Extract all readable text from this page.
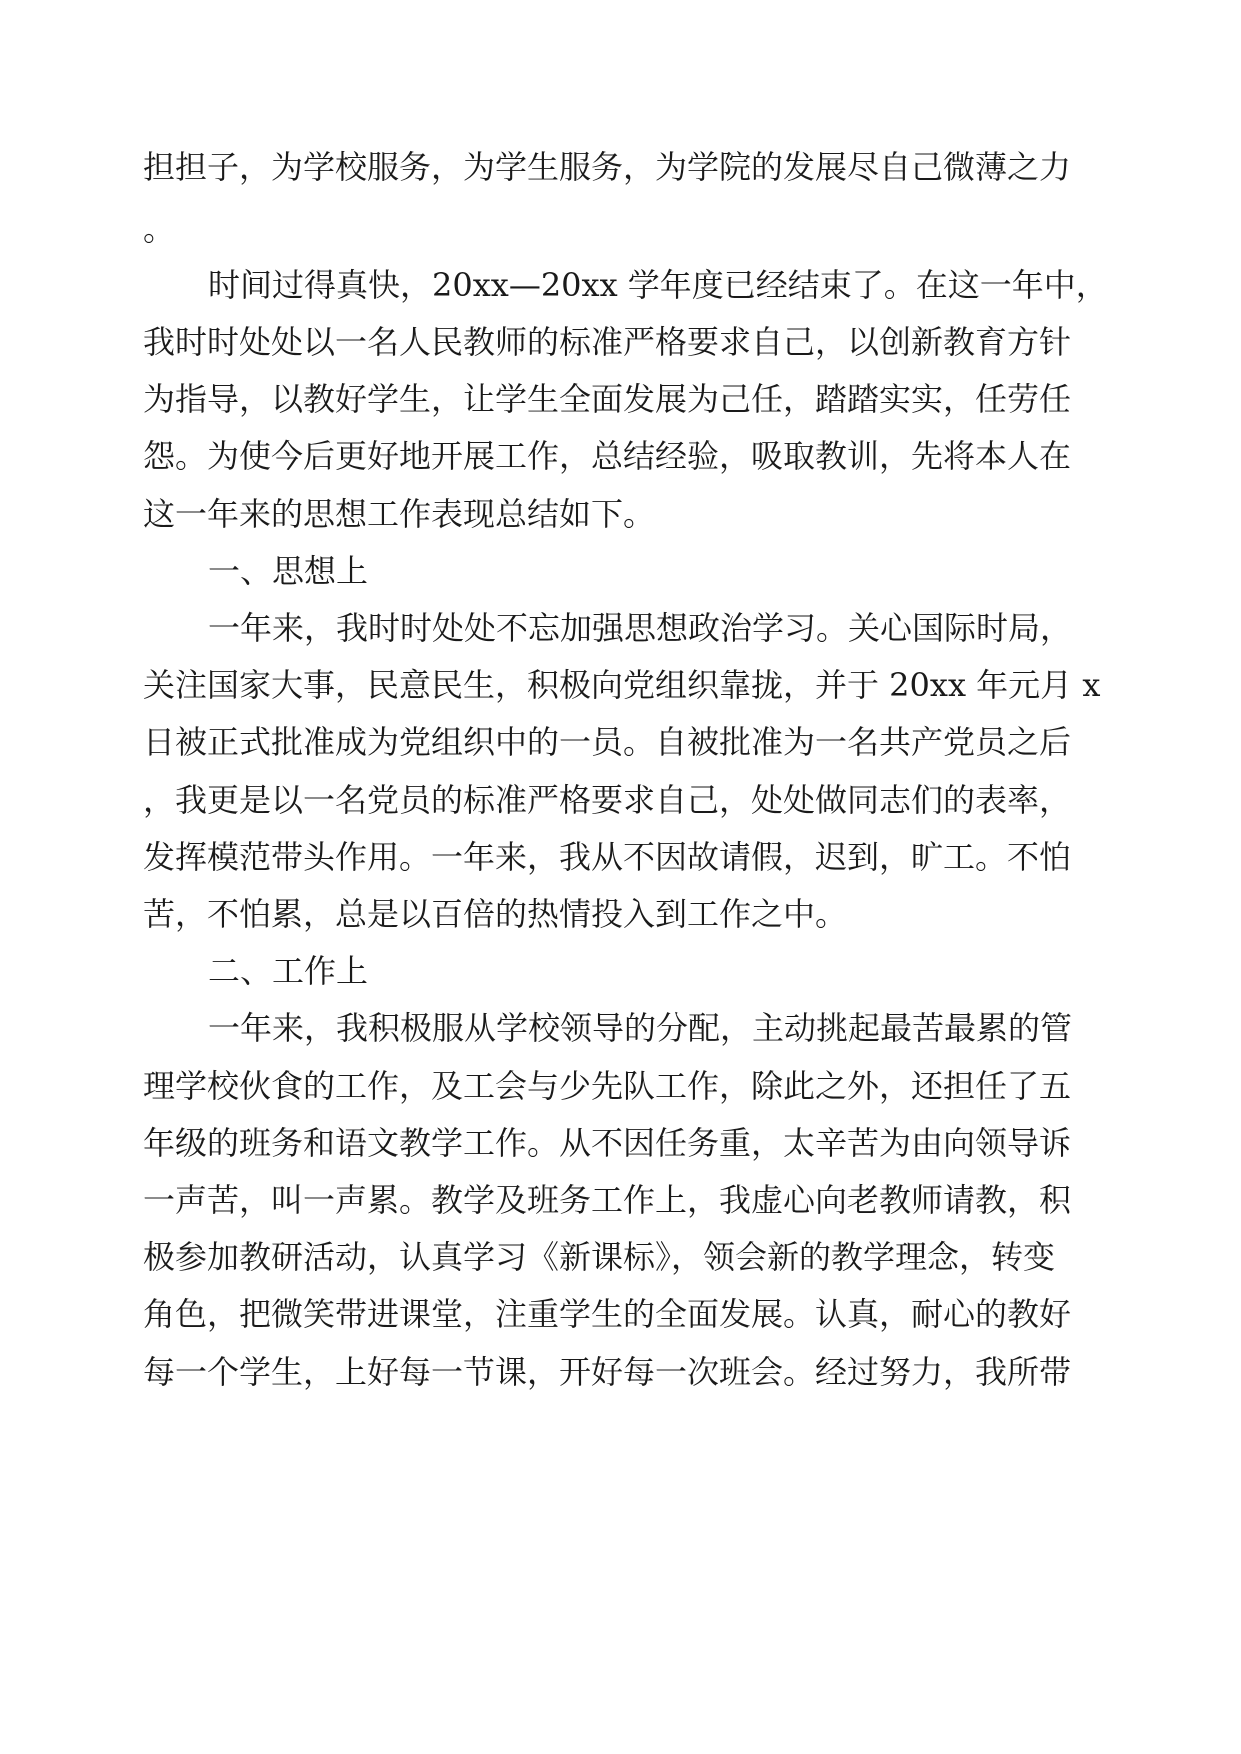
担担子，为学校服务，为学生服务，为学院的发展尽自己微薄之力
。
时间过得真快，20xx—20xx 学年度已经结束了。在这一年中，
我时时处处以一名人民教师的标准严格要求自己，以创新教育方针
为指导，以教好学生，让学生全面发展为己任，踏踏实实，任劳任
怨。为使今后更好地开展工作，总结经验，吸取教训，先将本人在
这一年来的思想工作表现总结如下。
一、思想上
一年来，我时时处处不忘加强思想政治学习。关心国际时局，
关注国家大事，民意民生，积极向党组织靠拢，并于 20xx 年元月 x
日被正式批准成为党组织中的一员。自被批准为一名共产党员之后
，我更是以一名党员的标准严格要求自己，处处做同志们的表率，
发挥模范带头作用。一年来，我从不因故请假，迟到，旷工。不怕
苦，不怕累，总是以百倍的热情投入到工作之中。
二、工作上
一年来，我积极服从学校领导的分配，主动挑起最苦最累的管
理学校伙食的工作，及工会与少先队工作，除此之外，还担任了五
年级的班务和语文教学工作。从不因任务重，太辛苦为由向领导诉
一声苦，叫一声累。教学及班务工作上，我虚心向老教师请教，积
极参加教研活动，认真学习《新课标》，领会新的教学理念，转变
角色，把微笑带进课堂，注重学生的全面发展。认真，耐心的教好
每一个学生，上好每一节课，开好每一次班会。经过努力，我所带
